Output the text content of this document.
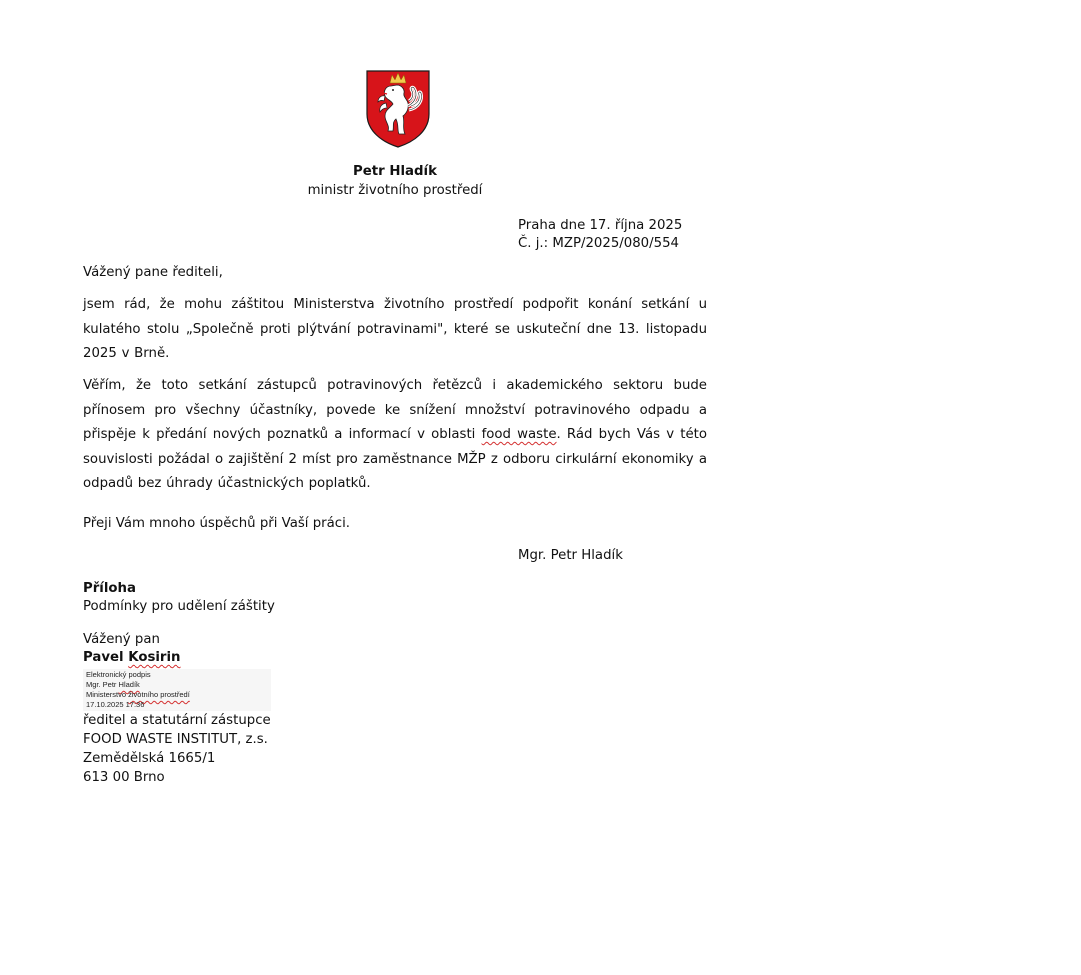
Petr Hladík
ministr životního prostředí
Praha dne 17. října 2025
Č. j.: MZP/2025/080/554
Vážený pane řediteli,
jsem rád, že mohu záštitou Ministerstva životního prostředí podpořit konání setkání u kulatého stolu „Společně proti plýtvání potravinami", které se uskuteční dne 13. listopadu 2025 v Brně.
Věřím, že toto setkání zástupců potravinových řetězců i akademického sektoru bude přínosem pro všechny účastníky, povede ke snížení množství potravinového odpadu a přispěje k předání nových poznatků a informací v oblasti food waste. Rád bych Vás v této souvislosti požádal o zajištění 2 míst pro zaměstnance MŽP z odboru cirkulární ekonomiky a odpadů bez úhrady účastnických poplatků.
Přeji Vám mnoho úspěchů při Vaší práci.
Mgr. Petr Hladík
Příloha
Podmínky pro udělení záštity
Vážený pan
Pavel Kosirin
Elektronický podpis
Mgr. Petr Hladík
Ministerstvo životního prostředí
17.10.2025 17:36
ředitel a statutární zástupce
FOOD WASTE INSTITUT, z.s.
Zemědělská 1665/1
613 00 Brno
